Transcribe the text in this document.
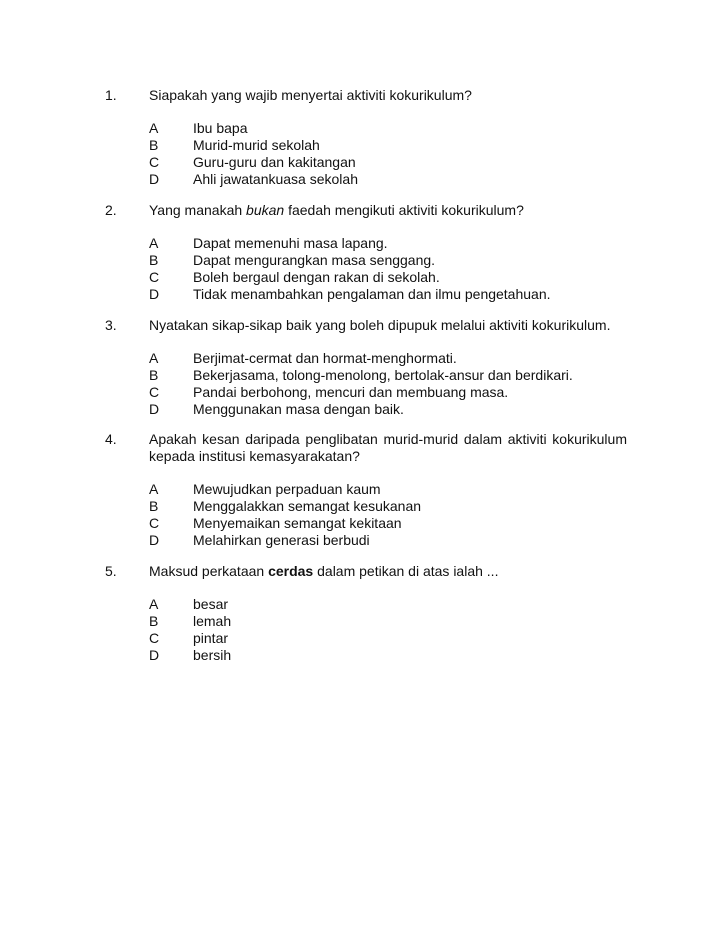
1. Siapakah yang wajib menyertai aktiviti kokurikulum?
A Ibu bapa
B Murid-murid sekolah
C Guru-guru dan kakitangan
D Ahli jawatankuasa sekolah
2. Yang manakah bukan faedah mengikuti aktiviti kokurikulum?
A Dapat memenuhi masa lapang.
B Dapat mengurangkan masa senggang.
C Boleh bergaul dengan rakan di sekolah.
D Tidak menambahkan pengalaman dan ilmu pengetahuan.
3. Nyatakan sikap-sikap baik yang boleh dipupuk melalui aktiviti kokurikulum.
A Berjimat-cermat dan hormat-menghormati.
B Bekerjasama, tolong-menolong, bertolak-ansur dan berdikari.
C Pandai berbohong, mencuri dan membuang masa.
D Menggunakan masa dengan baik.
4. Apakah kesan daripada penglibatan murid-murid dalam aktiviti kokurikulum kepada institusi kemasyarakatan?
A Mewujudkan perpaduan kaum
B Menggalakkan semangat kesukanan
C Menyemaikan semangat kekitaan
D Melahirkan generasi berbudi
5. Maksud perkataan cerdas dalam petikan di atas ialah ...
A besar
B lemah
C pintar
D bersih
